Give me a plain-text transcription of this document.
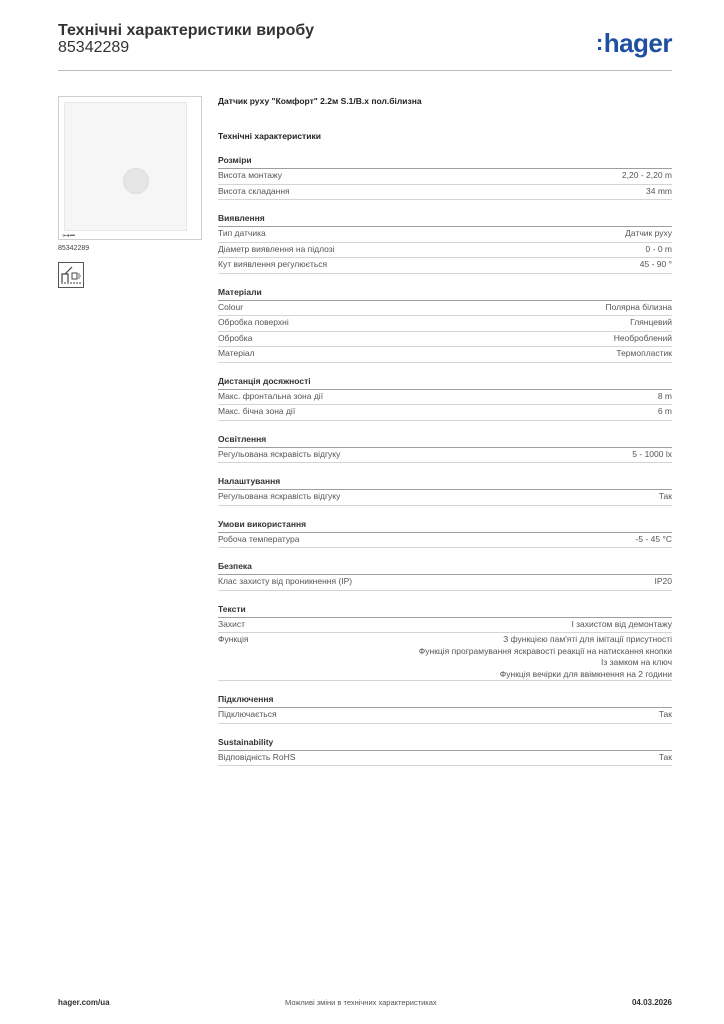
Технічні характеристики виробу
85342289	:hager
⊶━
85342289
Датчик руху "Комфорт" 2.2м S.1/B.x пол.білизна
Технічні характеристики
Розміри
Висота монтажу	2,20 - 2,20 m
Висота складання	34 mm
Виявлення
Тип датчика	Датчик руху
Діаметр виявлення на підлозі	0 - 0 m
Кут виявлення регулюється	45 - 90 °
Матеріали
Colour	Полярна білизна
Обробка поверхні	Глянцевий
Обробка	Необроблений
Матеріал	Термопластик
Дистанція досяжності
Макс. фронтальна зона дії	8 m
Макс. бічна зона дії	6 m
Освітлення
Регульована яскравість відгуку	5 - 1000 lx
Налаштування
Регульована яскравість відгуку	Так
Умови використання
Робоча температура	-5 - 45 °C
Безпека
Клас захисту від проникнення (IP)	IP20
Тексти
Захист	І захистом від демонтажу
Функція	З функцією пам'яті для імітації присутності
Функція програмування яскравості реакції на натискання кнопки
Із замком на ключ
Функція вечірки для ввімкнення на 2 години
Підключення
Підключається	Так
Sustainability
Відповідність RoHS	Так
hager.com/ua	Можливі зміни в технічних характеристиках	04.03.2026
